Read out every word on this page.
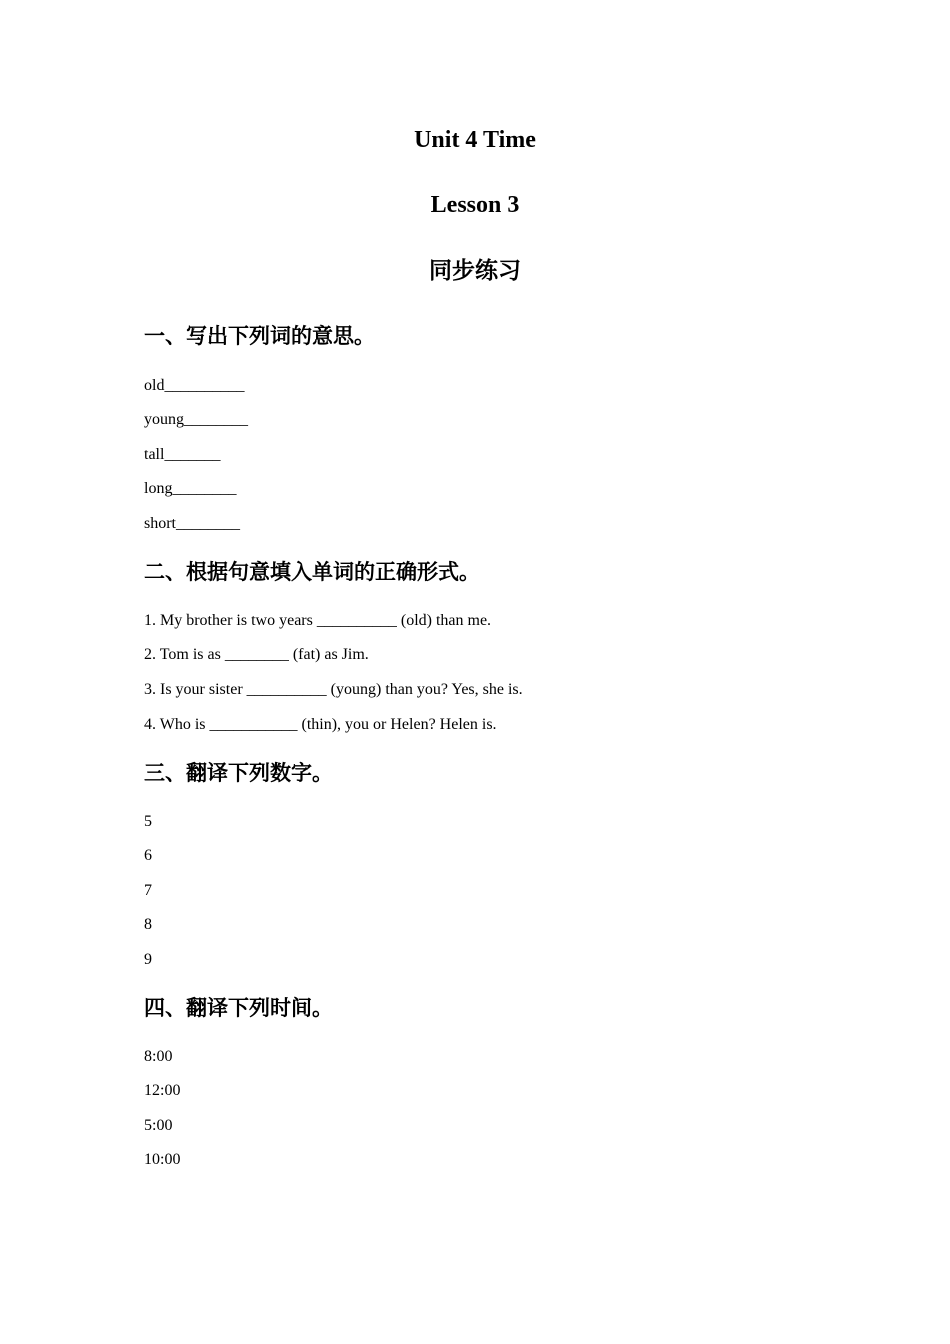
Unit 4 Time
Lesson 3
同步练习
一、写出下列词的意思。
old__________
young________
tall_______
long________
short________
二、根据句意填入单词的正确形式。
1. My brother is two years __________ (old) than me.
2. Tom is as ________ (fat) as Jim.
3. Is your sister __________ (young) than you? Yes, she is.
4. Who is ___________ (thin), you or Helen? Helen is.
三、翻译下列数字。
5
6
7
8
9
四、翻译下列时间。
8:00
12:00
5:00
10:00
